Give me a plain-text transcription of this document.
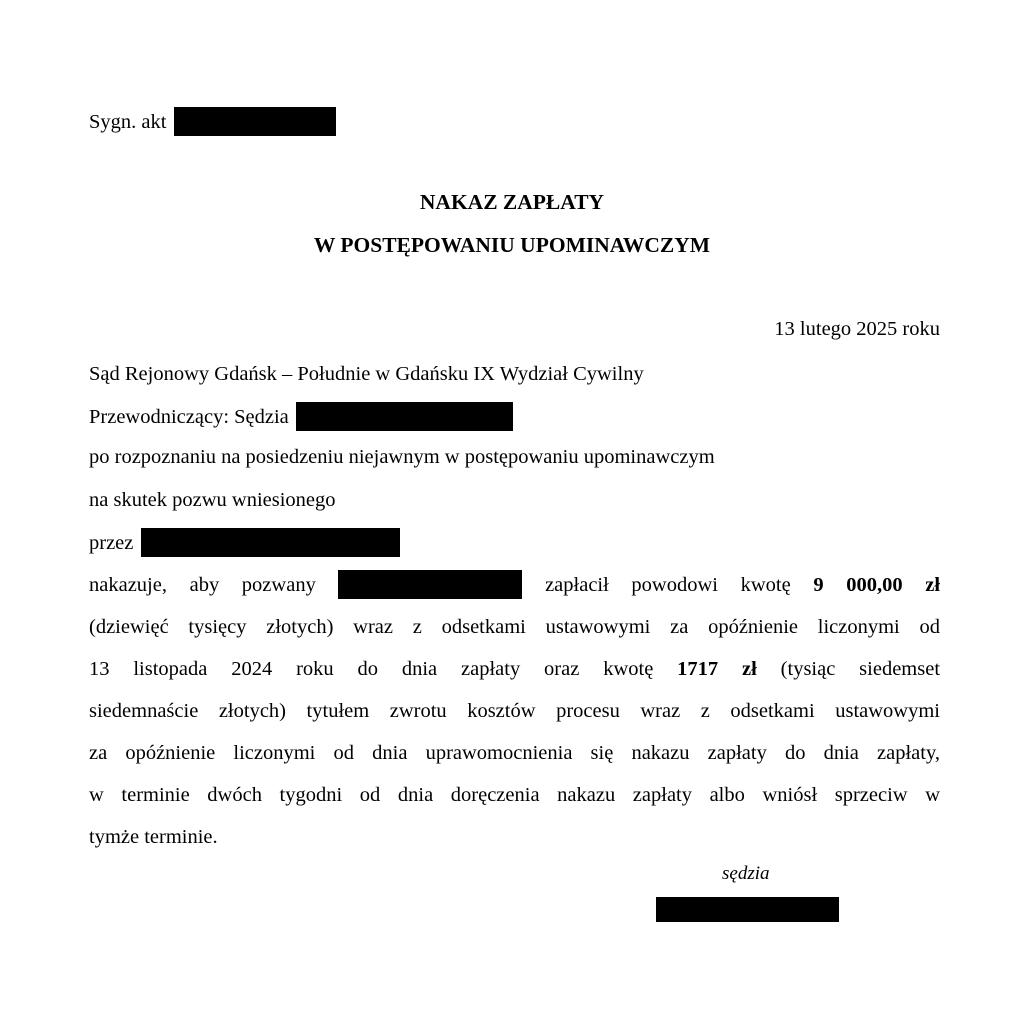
Sygn. akt
NAKAZ ZAPŁATY
W POSTĘPOWANIU UPOMINAWCZYM
13 lutego 2025 roku
Sąd Rejonowy Gdańsk – Południe w Gdańsku IX Wydział Cywilny
Przewodniczący: Sędzia
po rozpoznaniu na posiedzeniu niejawnym w postępowaniu upominawczym
na skutek pozwu wniesionego
przez
nakazuje, aby pozwany	zapłacił powodowi kwotę 9 000,00 zł
(dziewięć tysięcy złotych) wraz z odsetkami ustawowymi za opóźnienie liczonymi od
13 listopada 2024 roku do dnia zapłaty oraz kwotę 1717 zł (tysiąc siedemset
siedemnaście złotych) tytułem zwrotu kosztów procesu wraz z odsetkami ustawowymi
za opóźnienie liczonymi od dnia uprawomocnienia się nakazu zapłaty do dnia zapłaty,
w terminie dwóch tygodni od dnia doręczenia nakazu zapłaty albo wniósł sprzeciw w
tymże terminie.
sędzia
